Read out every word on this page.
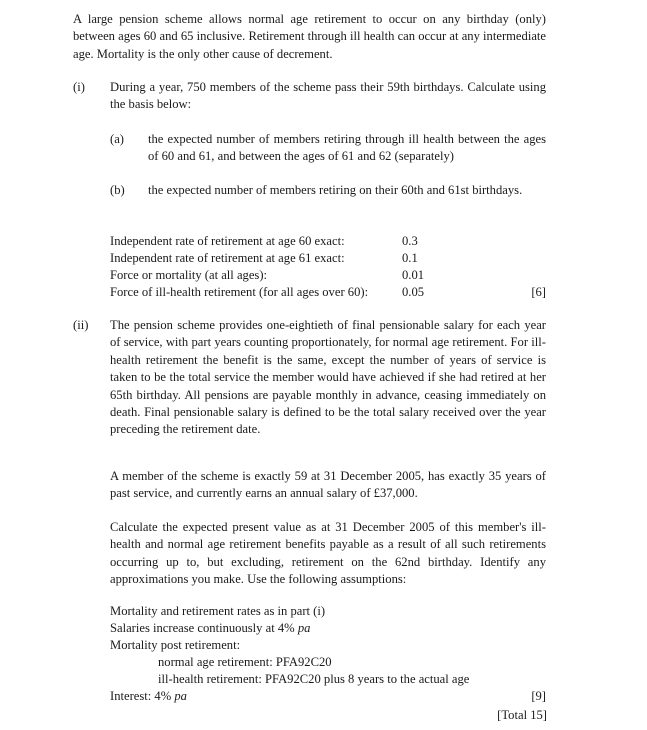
A large pension scheme allows normal age retirement to occur on any birthday (only) between ages 60 and 65 inclusive. Retirement through ill health can occur at any intermediate age. Mortality is the only other cause of decrement.
(i) During a year, 750 members of the scheme pass their 59th birthdays. Calculate using the basis below:
(a) the expected number of members retiring through ill health between the ages of 60 and 61, and between the ages of 61 and 62 (separately)
(b) the expected number of members retiring on their 60th and 61st birthdays.
Independent rate of retirement at age 60 exact:	0.3
Independent rate of retirement at age 61 exact:	0.1
Force or mortality (at all ages):	0.01
Force of ill-health retirement (for all ages over 60):	0.05	[6]
(ii) The pension scheme provides one-eightieth of final pensionable salary for each year of service, with part years counting proportionately, for normal age retirement. For ill-health retirement the benefit is the same, except the number of years of service is taken to be the total service the member would have achieved if she had retired at her 65th birthday. All pensions are payable monthly in advance, ceasing immediately on death. Final pensionable salary is defined to be the total salary received over the year preceding the retirement date.
A member of the scheme is exactly 59 at 31 December 2005, has exactly 35 years of past service, and currently earns an annual salary of £37,000.
Calculate the expected present value as at 31 December 2005 of this member's ill-health and normal age retirement benefits payable as a result of all such retirements occurring up to, but excluding, retirement on the 62nd birthday. Identify any approximations you make. Use the following assumptions:
Mortality and retirement rates as in part (i)
Salaries increase continuously at 4% pa
Mortality post retirement:
normal age retirement: PFA92C20
ill-health retirement: PFA92C20 plus 8 years to the actual age
Interest: 4% pa	[9]
[Total 15]
